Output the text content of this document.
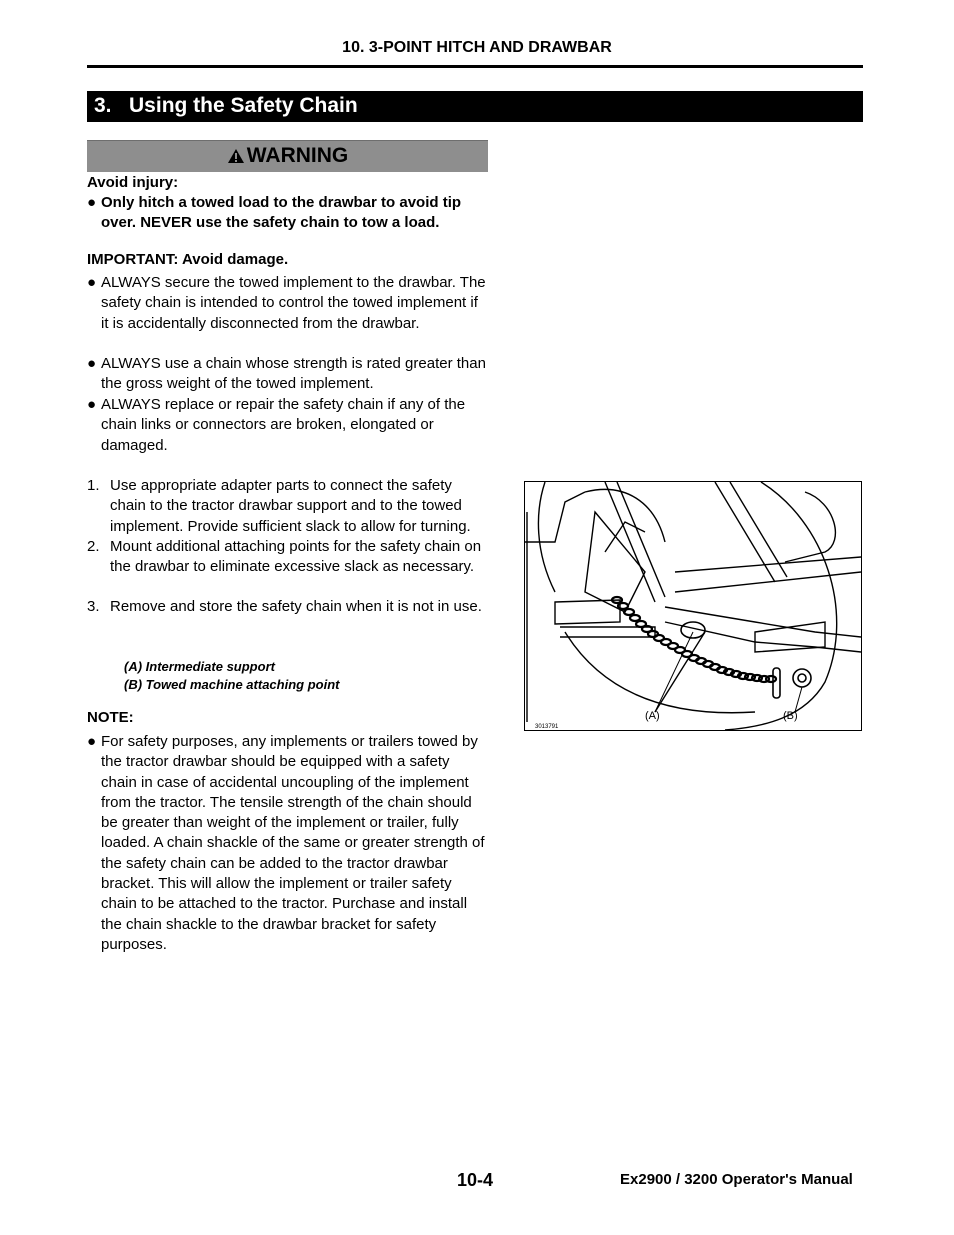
10. 3-POINT HITCH AND DRAWBAR
3.   Using the Safety Chain
WARNING
Avoid injury:
● Only hitch a towed load to the drawbar to avoid tip over. NEVER use the safety chain to tow a load.
IMPORTANT: Avoid damage.
● ALWAYS secure the towed implement to the drawbar. The safety chain is intended to control the towed implement if it is accidentally disconnected from the drawbar.
● ALWAYS use a chain whose strength is rated greater than the gross weight of the towed implement.
● ALWAYS replace or repair the safety chain if any of the chain links or connectors are broken, elongated or damaged.
1. Use appropriate adapter parts to connect the safety chain to the tractor drawbar support and to the towed implement. Provide sufficient slack to allow for turning.
2. Mount additional attaching points for the safety chain on the drawbar to eliminate excessive slack as necessary.
3. Remove and store the safety chain when it is not in use.
(A) Intermediate support
(B) Towed machine attaching point
NOTE:
● For safety purposes, any implements or trailers towed by the tractor drawbar should be equipped with a safety chain in case of accidental uncoupling of the implement from the tractor. The tensile strength of the chain should be greater than weight of the implement or trailer, fully loaded. A chain shackle of the same or greater strength of the safety chain can be added to the tractor drawbar bracket. This will allow the implement or trailer safety chain to be attached to the tractor. Purchase and install the chain shackle to the drawbar bracket for safety purposes.
3013791
(A)	(B)
10-4	Ex2900 / 3200 Operator's Manual
